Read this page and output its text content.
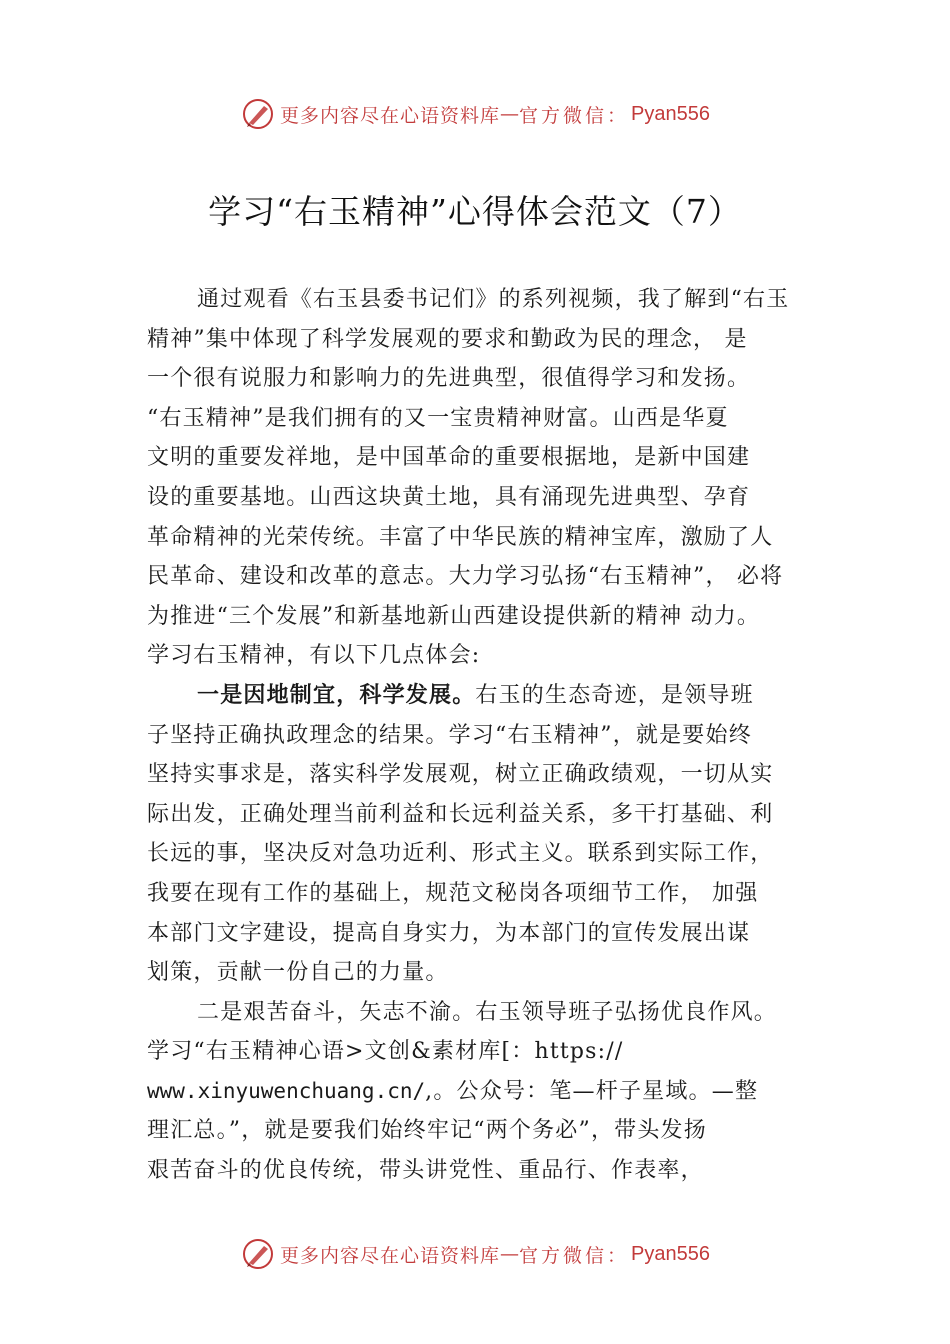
更多内容尽在心语资料库 — 官方微信： Pyan556
学习“右玉精神”心得体会范文（7）

通过观看《右玉县委书记们》的系列视频，我了解到“右玉

精神”集中体现了科学发展观的要求和勤政为民的理念， 是

一个很有说服力和影响力的先进典型，很值得学习和发扬。

“右玉精神”是我们拥有的又一宝贵精神财富。山西是华夏

文明的重要发祥地，是中国革命的重要根据地，是新中国建

设的重要基地。山西这块黄土地，具有涌现先进典型、孕育

革命精神的光荣传统。丰富了中华民族的精神宝库，激励了人

民革命、建设和改革的意志。大力学习弘扬“右玉精神”， 必将

为推进“三个发展”和新基地新山西建设提供新的精神 动力。

学习右玉精神，有以下几点体会:

一是因地制宜，科学发展。右玉的生态奇迹，是领导班

子坚持正确执政理念的结果。学习“右玉精神”，就是要始终

坚持实事求是，落实科学发展观，树立正确政绩观，一切从实

际出发，正确处理当前利益和长远利益关系，多干打基础、利

长远的事，坚决反对急功近利、形式主义。联系到实际工作，

我要在现有工作的基础上，规范文秘岗各项细节工作， 加强

本部门文字建设，提高自身实力，为本部门的宣传发展出谋

划策，贡献一份自己的力量。

二是艰苦奋斗，矢志不渝。右玉领导班子弘扬优良作风。

学习“右玉精神心语>文创&素材库[：https://

www.xinyuwenchuang.cn/,。公众号：笔—杆子星域。—整

理汇总。”，就是要我们始终牢记“两个务必”，带头发扬

艰苦奋斗的优良传统，带头讲党性、重品行、作表率，

更多内容尽在心语资料库 — 官方微信： Pyan556
